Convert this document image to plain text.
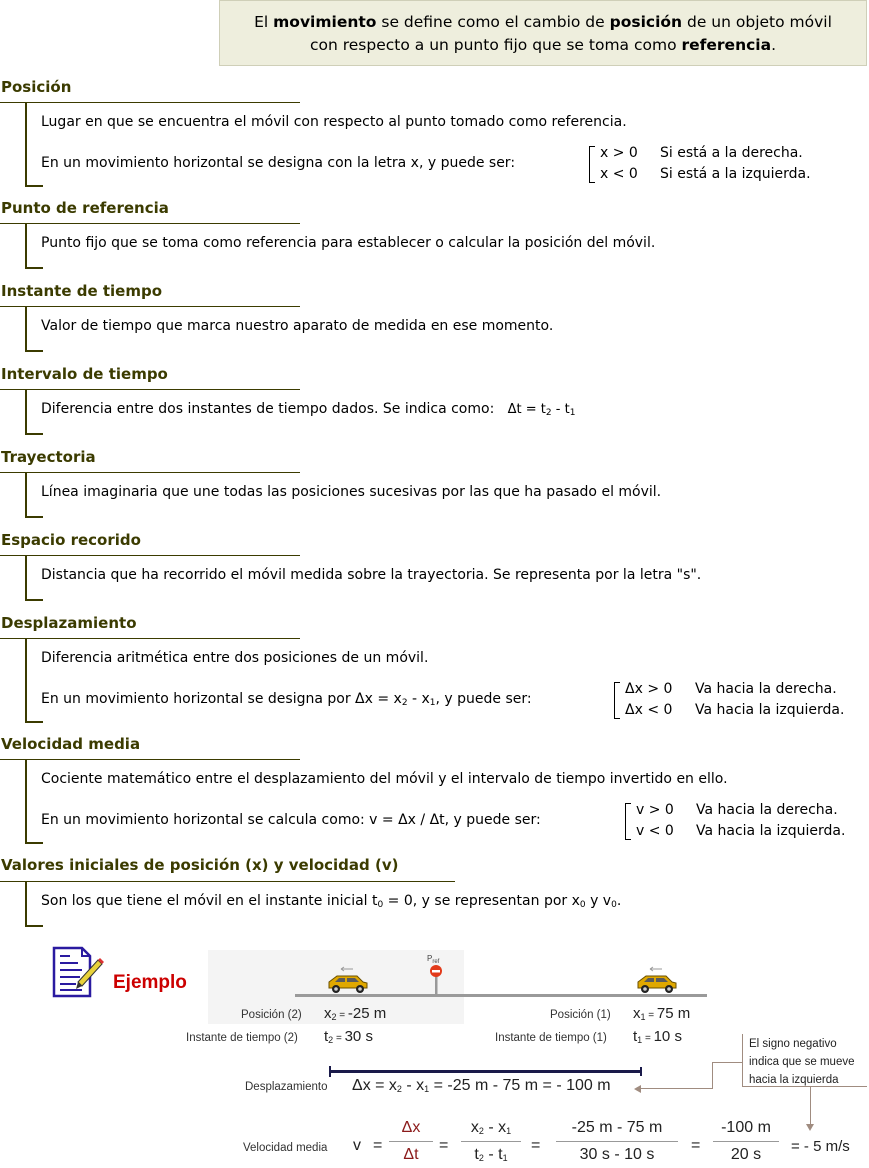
El movimiento se define como el cambio de posición de un objeto móvil
con respecto a un punto fijo que se toma como referencia.
Posición
Lugar en que se encuentra el móvil con respecto al punto tomado como referencia.
En un movimiento horizontal se designa con la letra x, y puede ser:
x > 0 Si está a la derecha.
x < 0 Si está a la izquierda.
Punto de referencia
Punto fijo que se toma como referencia para establecer o calcular la posición del móvil.
Instante de tiempo
Valor de tiempo que marca nuestro aparato de medida en ese momento.
Intervalo de tiempo
Diferencia entre dos instantes de tiempo dados. Se indica como: $\Delta t = t_2 - t_1$
Trayectoria
Línea imaginaria que une todas las posiciones sucesivas por las que ha pasado el móvil.
Espacio recorido
Distancia que ha recorrido el móvil medida sobre la trayectoria. Se representa por la letra "s".
Desplazamiento
Diferencia aritmética entre dos posiciones de un móvil.
En un movimiento horizontal se designa por $\Delta x = x_2 - x_1$, y puede ser:
Δx > 0 Va hacia la derecha.
Δx < 0 Va hacia la izquierda.
Velocidad media
Cociente matemático entre el desplazamiento del móvil y el intervalo de tiempo invertido en ello.
En un movimiento horizontal se calcula como: v = Δx / Δt, y puede ser:
v > 0 Va hacia la derecha.
v < 0 Va hacia la izquierda.
Valores iniciales de posición (x) y velocidad (v)
Son los que tiene el móvil en el instante inicial $t_0 = 0$, y se representan por $x_0$ y $v_0$.
Ejemplo
$P_{ref}$
Posición (2) $x_2 = -25$ m
Instante de tiempo (2) $t_2 = 30$ s
Posición (1) $x_1 = 75$ m
Instante de tiempo (1) $t_1 = 10$ s	El signo negativo indica que se mueve hacia la izquierda
Desplazamiento $\Delta x = x_2 - x_1 = -25$ m - 75 m = - 100 m
Velocidad media $v = \frac{\Delta x}{\Delta t} = \frac{x_2 - x_1}{t_2 - t_1} = \frac{-25 m - 75 m}{30 s - 10 s} = \frac{-100 m}{20 s}$ = - 5 m/s
